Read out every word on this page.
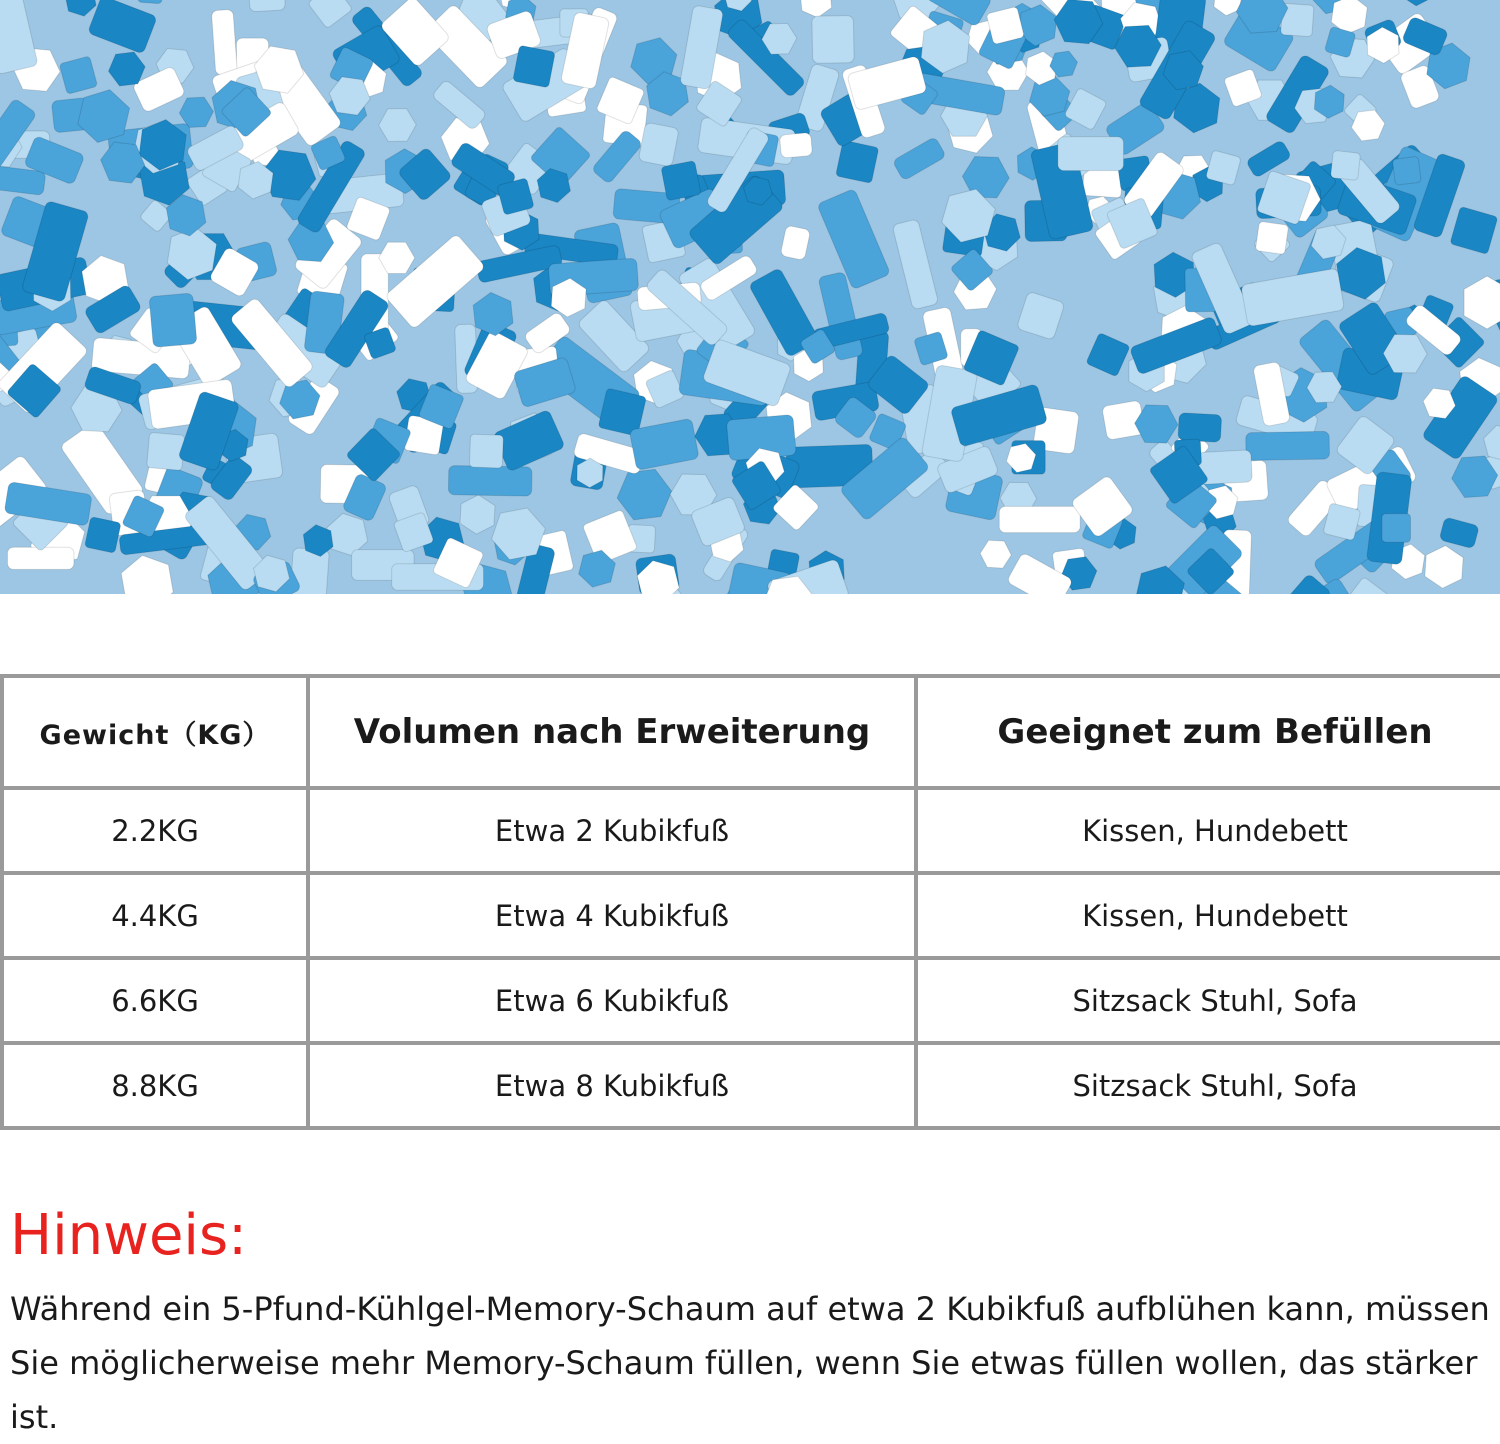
Gewicht（KG）	Volumen nach Erweiterung	Geeignet zum Befüllen
2.2KG	Etwa 2 Kubikfuß	Kissen, Hundebett
4.4KG	Etwa 4 Kubikfuß	Kissen, Hundebett
6.6KG	Etwa 6 Kubikfuß	Sitzsack Stuhl, Sofa
8.8KG	Etwa 8 Kubikfuß	Sitzsack Stuhl, Sofa
Hinweis:
Während ein 5-Pfund-Kühlgel-Memory-Schaum auf etwa 2 Kubikfuß aufblühen kann, müssen Sie möglicherweise mehr Memory-Schaum füllen, wenn Sie etwas füllen wollen, das stärker ist.
